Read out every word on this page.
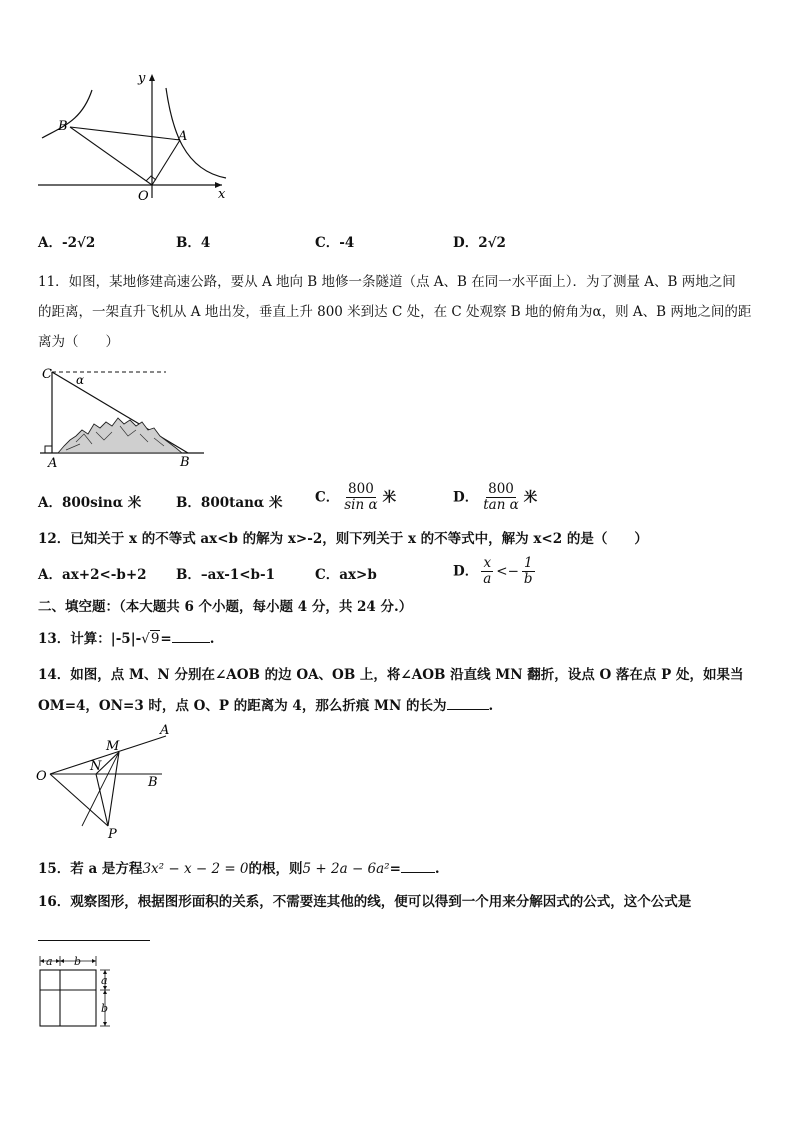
y
x
O
A
B
A．-2√2	B．4	C．-4	D．2√2
11．如图，某地修建高速公路，要从 A 地向 B 地修一条隧道（点 A、B 在同一水平面上）．为了测量 A、B 两地之间
的距离，一架直升飞机从 A 地出发，垂直上升 800 米到达 C 处，在 C 处观察 B 地的俯角为α，则 A、B 两地之间的距
离为（　　）
C α
A	B
A．800sinα 米	B．800tanα 米 C． $\frac{800}{\text{sin α}}$ 米	D． $\frac{800}{\text{tan α}}$ 米
12．已知关于 x 的不等式 ax<b 的解为 x>-2，则下列关于 x 的不等式中，解为 x<2 的是（　　）
A．ax+2<-b+2 B．–ax-1<b-1	C．ax>b	D． $\frac{x}{a} <- \frac{1}{b}$
二、填空题：（本大题共 6 个小题，每小题 4 分，共 24 分.）
13．计算：|-5|-√9=	.
14．如图，点 M、N 分别在∠AOB 的边 OA、OB 上，将∠AOB 沿直线 MN 翻折，设点 O 落在点 P 处，如果当
OM=4，ON=3 时，点 O、P 的距离为 4，那么折痕 MN 的长为	.
O
A
B
M
N
P
15．若 a 是方程3x² − x − 2 = 0的根，则5 + 2a − 6a²=	.
16．观察图形，根据图形面积的关系，不需要连其他的线，便可以得到一个用来分解因式的公式，这个公式是
a b
a
b
